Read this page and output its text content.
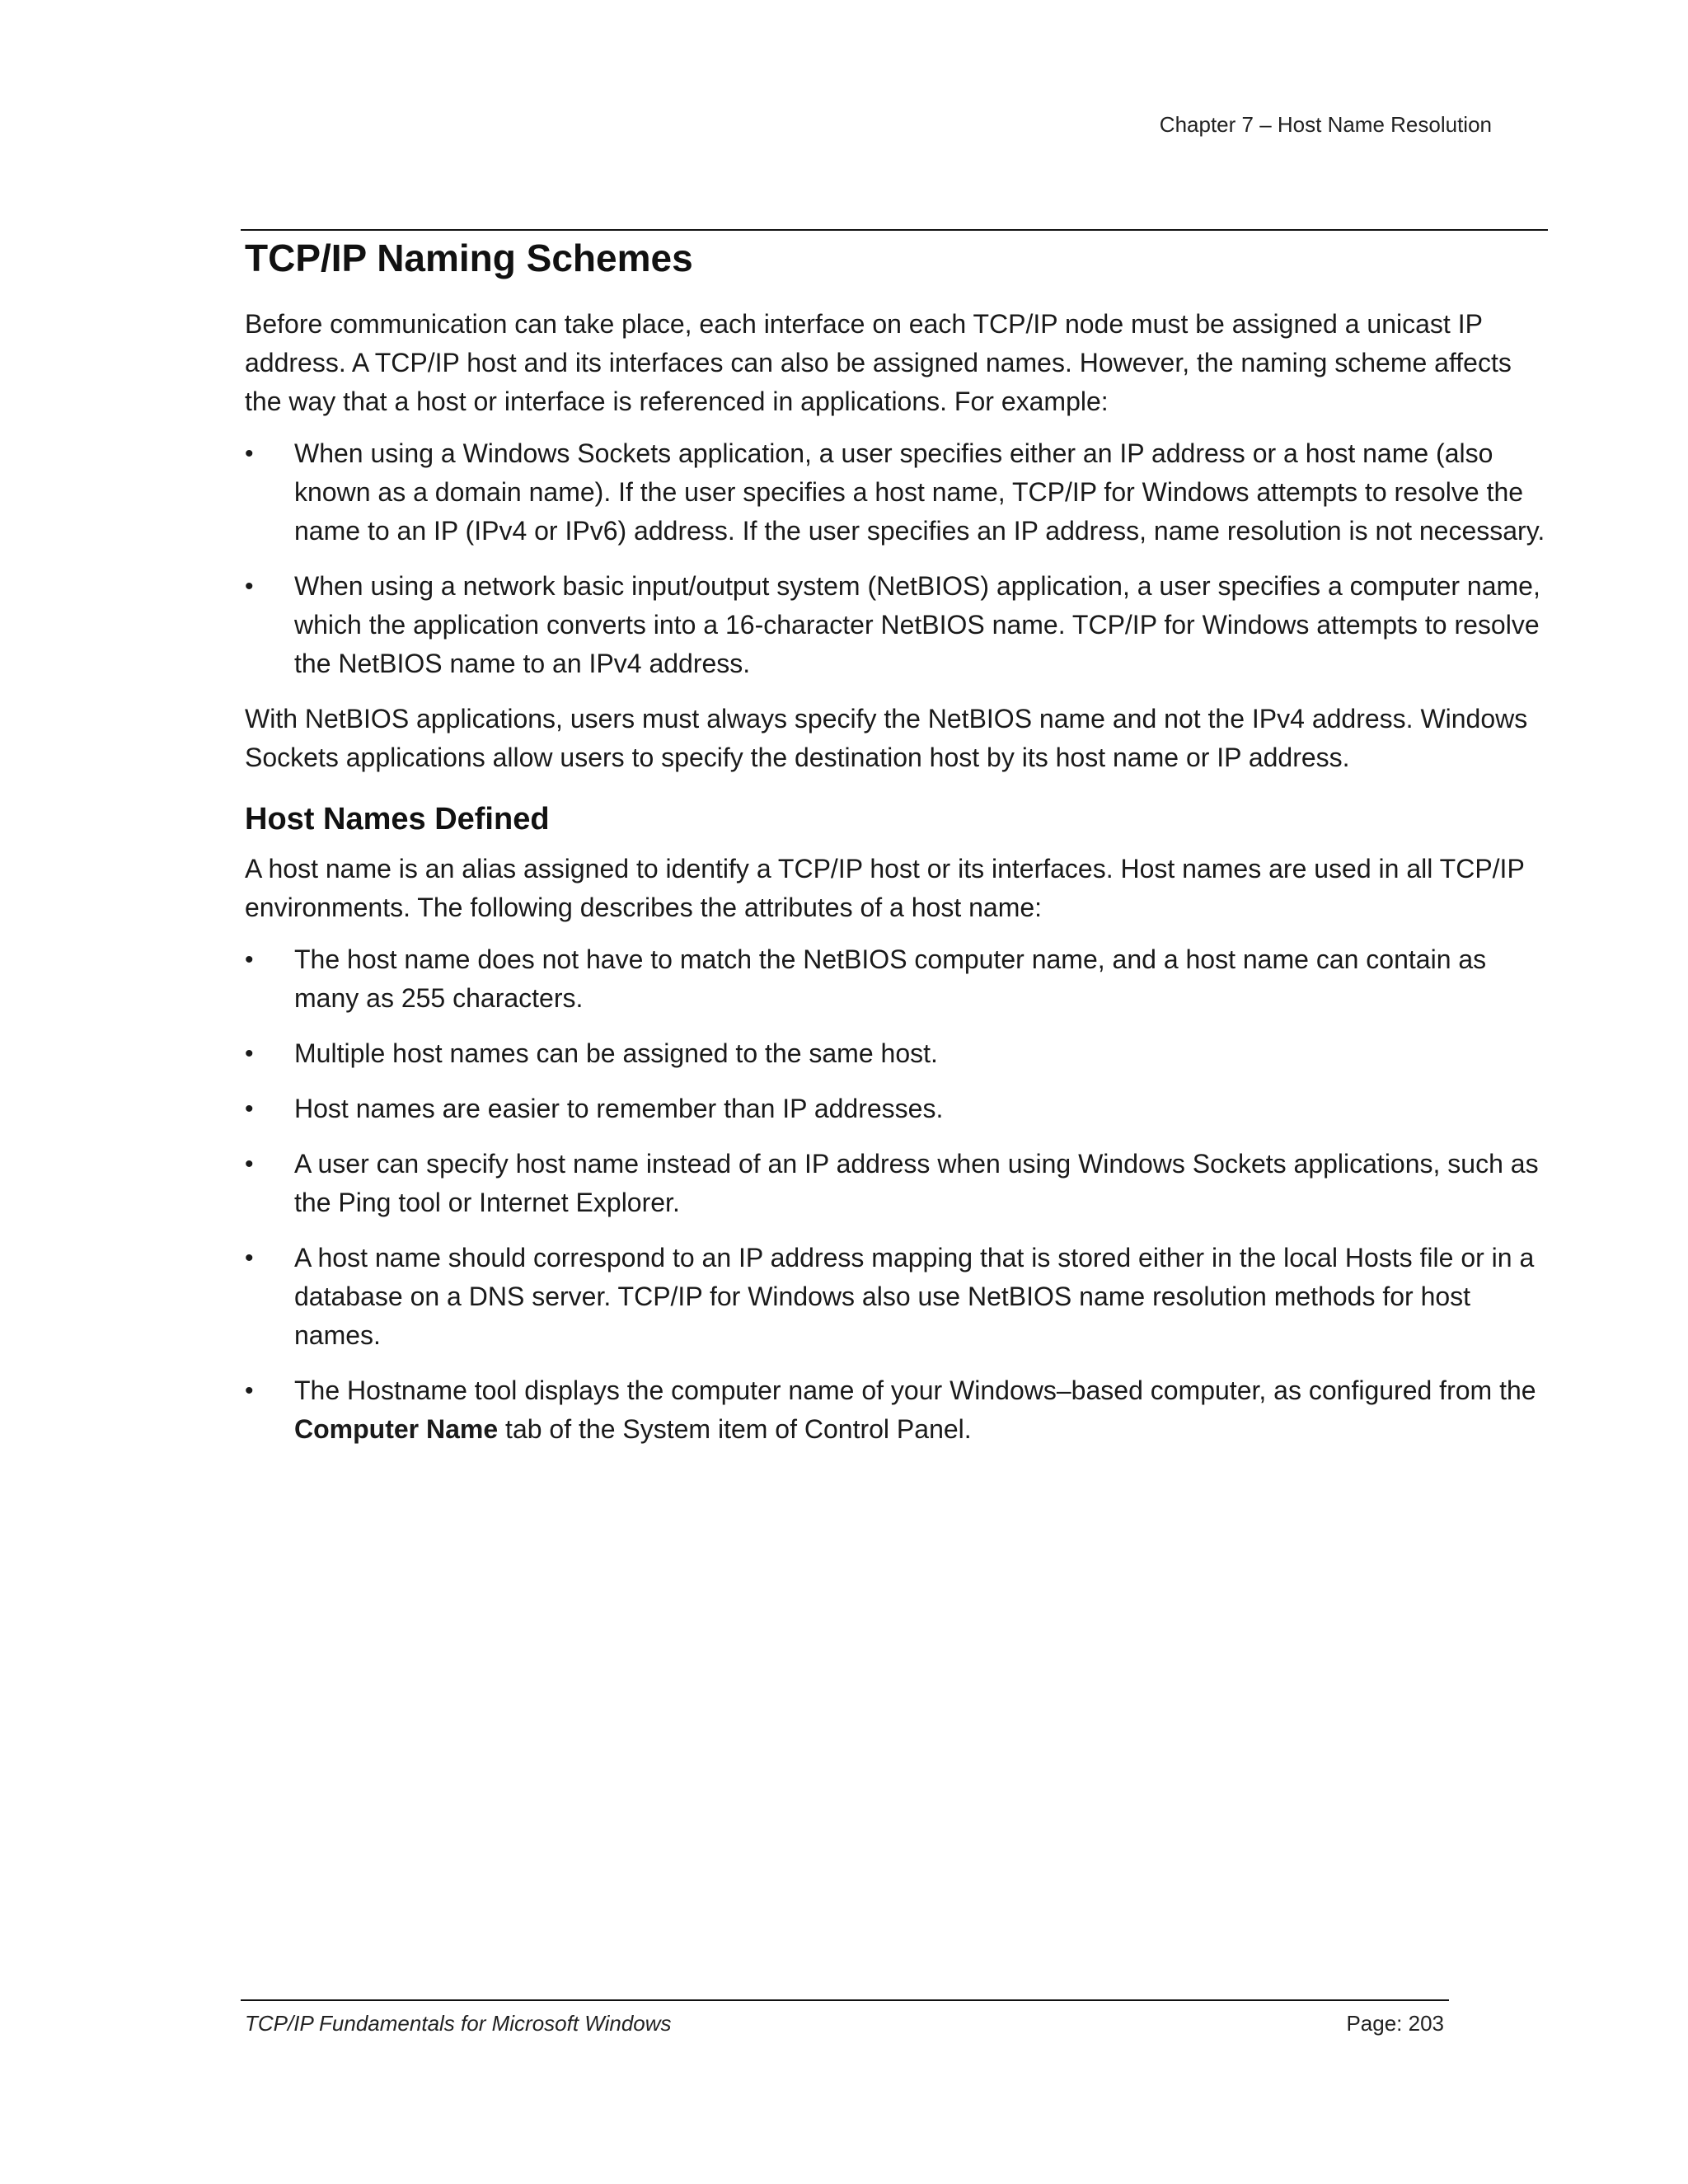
Chapter 7 – Host Name Resolution
TCP/IP Naming Schemes

Before communication can take place, each interface on each TCP/IP node must be assigned a unicast IP address. A TCP/IP host and its interfaces can also be assigned names. However, the naming scheme affects the way that a host or interface is referenced in applications. For example:

• When using a Windows Sockets application, a user specifies either an IP address or a host name (also known as a domain name). If the user specifies a host name, TCP/IP for Windows attempts to resolve the name to an IP (IPv4 or IPv6) address. If the user specifies an IP address, name resolution is not necessary.
• When using a network basic input/output system (NetBIOS) application, a user specifies a computer name, which the application converts into a 16-character NetBIOS name. TCP/IP for Windows attempts to resolve the NetBIOS name to an IPv4 address.

With NetBIOS applications, users must always specify the NetBIOS name and not the IPv4 address. Windows Sockets applications allow users to specify the destination host by its host name or IP address.

Host Names Defined

A host name is an alias assigned to identify a TCP/IP host or its interfaces. Host names are used in all TCP/IP environments. The following describes the attributes of a host name:

• The host name does not have to match the NetBIOS computer name, and a host name can contain as many as 255 characters.
• Multiple host names can be assigned to the same host.
• Host names are easier to remember than IP addresses.
• A user can specify host name instead of an IP address when using Windows Sockets applications, such as the Ping tool or Internet Explorer.
• A host name should correspond to an IP address mapping that is stored either in the local Hosts file or in a database on a DNS server. TCP/IP for Windows also use NetBIOS name resolution methods for host names.
• The Hostname tool displays the computer name of your Windows–based computer, as configured from the Computer Name tab of the System item of Control Panel.
TCP/IP Fundamentals for Microsoft Windows	Page: 203
